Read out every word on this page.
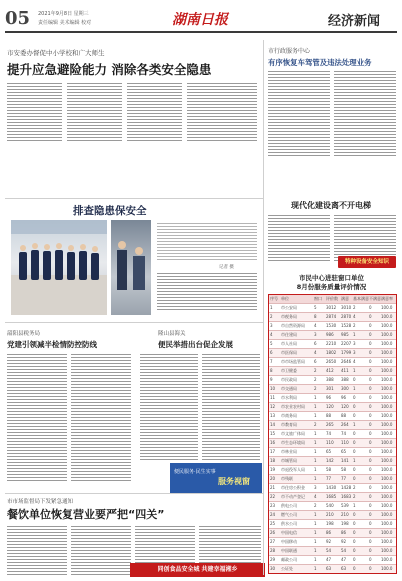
05 2021年9月8日 星期三
责任编辑 美术编辑 校对	湖南日报	经济新闻
市安委办督促中小学校和广大师生
提升应急避险能力 消除各类安全隐患
市行政服务中心
有序恢复车驾管及违法处理业务
排查隐患保安全
记者 摄
现代化建设离不开电梯
特种设备安全知识
市民中心进驻窗口单位
8月份服务质量评价情况
序号 单位	窗口 评价数 满意 基本满意 不满意 满意率
1 市公安局	5 3012 3010 2	0 100.0
2 市税务局	8 2874 2870 4	0 100.0
3 市自然资源局 4 1530 1528 2	0 100.0
4 市住建局	3 986 985 1	0 100.0
5 市人社局	6 2210 2207 3	0 100.0
6 市医保局	4 1802 1799 3	0 100.0
7 市市场监管局 6 2650 2646 4	0 100.0
8 市卫健委	2 412 411 1	0 100.0
9 市民政局	2 388 388 0	0 100.0
10 市交通局	2 301 300 1	0 100.0
11 市水利局	1 96 96 0	0 100.0
12 市农业农村局 1 120 120 0	0 100.0
13 市商务局	1 88 88 0	0 100.0
14 市教育局	2 265 264 1	0 100.0
15 市文旅广体局 1 74 74 0	0 100.0
16 市生态环境局 1 110 110 0	0 100.0
17 市林业局	1 65 65 0	0 100.0
18 市城管局	1 142 141 1	0 100.0
19 市退役军人局 1 58 58 0	0 100.0
20 市残联	1 77 77 0	0 100.0
21 市住房公积金 3 1430 1428 2	0 100.0
22 市不动产登记 4 1685 1683 2	0 100.0
23 供电公司	2 540 539 1	0 100.0
24 燃气公司	1 210 210 0	0 100.0
25 供水公司	1 198 198 0	0 100.0
26 中国电信	1 86 86 0	0 100.0
27 中国移动	1 92 92 0	0 100.0
28 中国联通	1 54 54 0	0 100.0
29 邮政公司	1 47 47 0	0 100.0
30 公证处	1 63 63 0	0 100.0
韶阳县税务局
党建引领减半检情防控防线
隆山县海关
便民举措出台促企发展
便民服务·民生实事
服务视窗
市市场监督局下发紧急通知
餐饮单位恢复营业要严把“四关”
同创食品安全城 共建幸福湘乡
